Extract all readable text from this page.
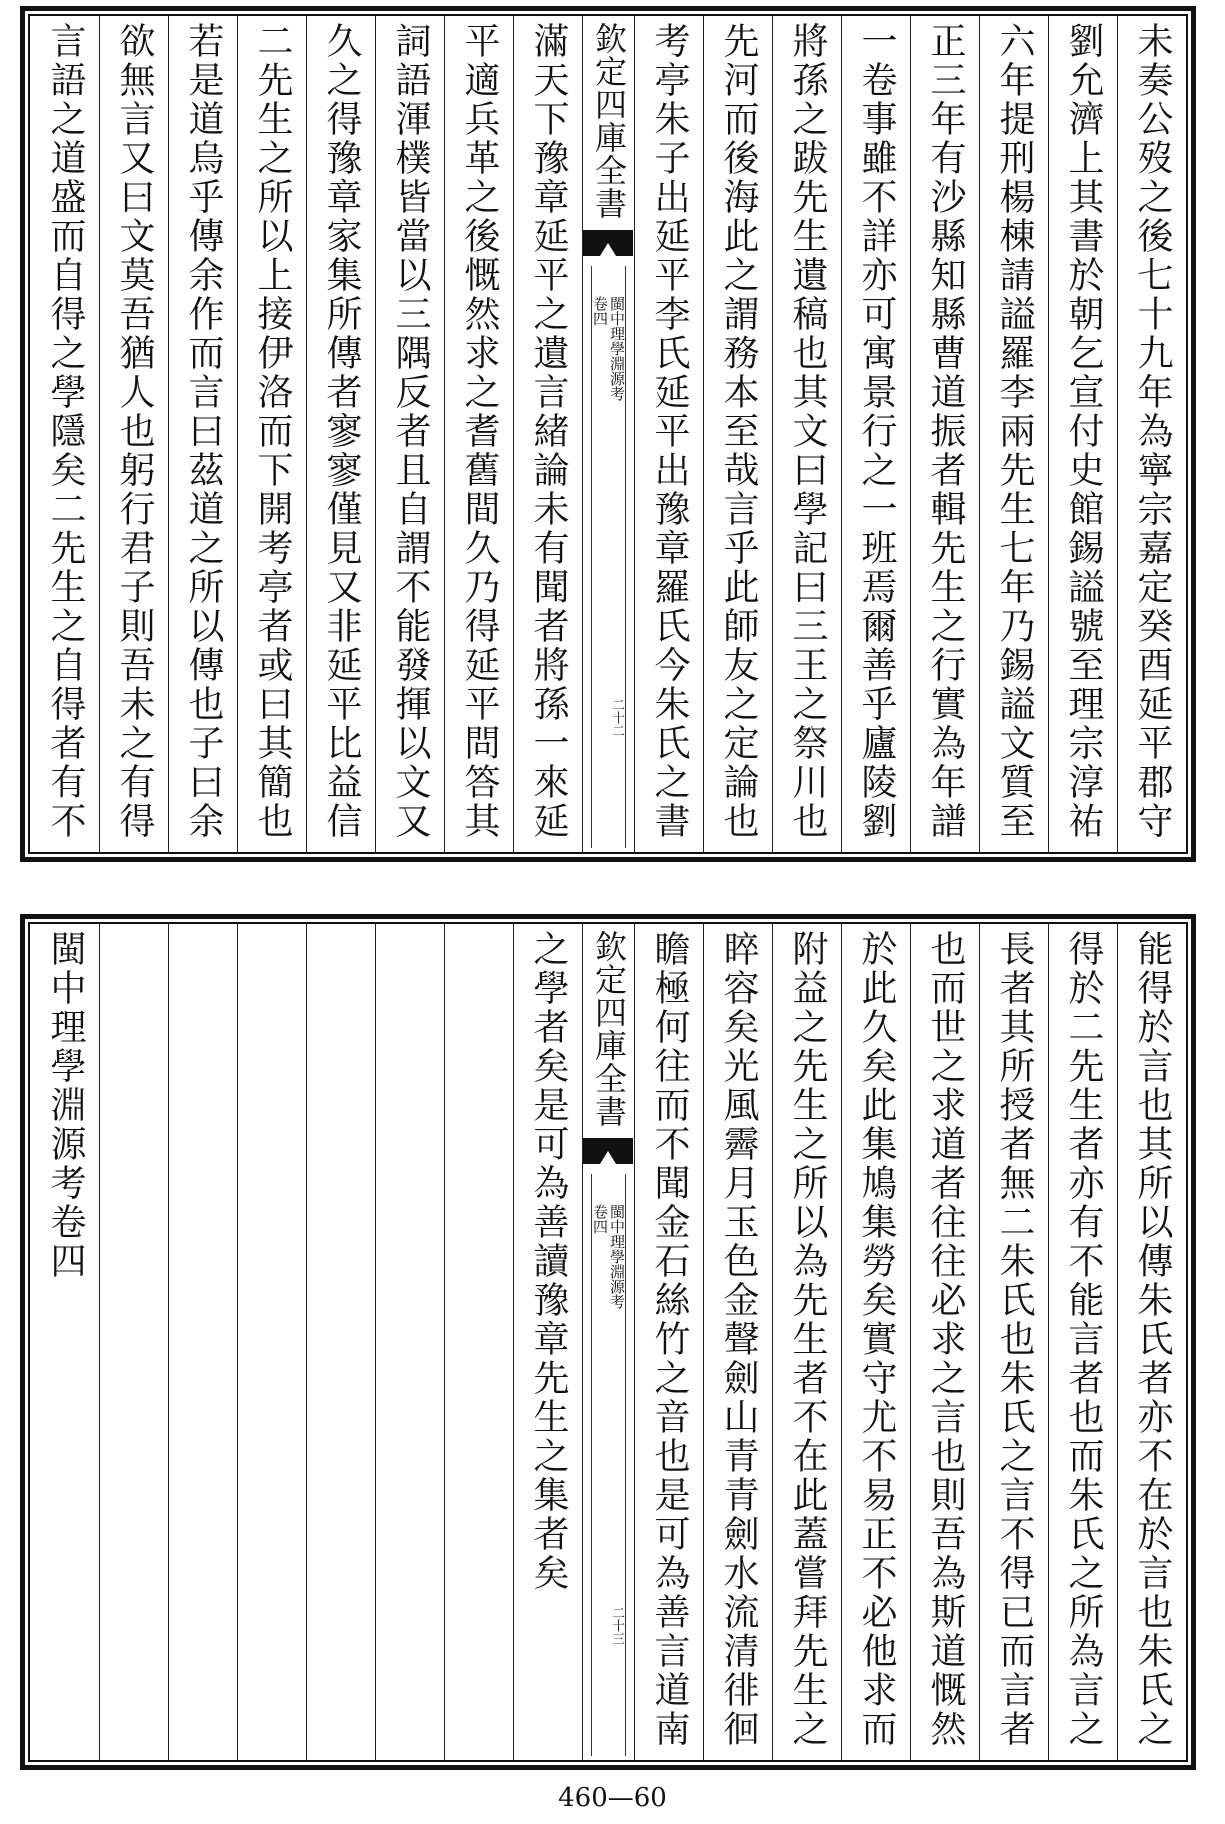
未奏公歿之後七十九年為寧宗嘉定癸酉延平郡守
劉允濟上其書於朝乞宣付史館錫謚號至理宗淳祐
六年提刑楊棟請謚羅李兩先生七年乃錫謚文質至
正三年有沙縣知縣曹道振者輯先生之行實為年譜
一卷事雖不詳亦可寓景行之一班焉爾善乎廬陵劉
將孫之跋先生遺稿也其文曰學記曰三王之祭川也
先河而後海此之謂務本至哉言乎此師友之定論也
考亭朱子出延平李氏延平出豫章羅氏今朱氏之書
欽定四庫全書
閩中理學淵源考
卷四
二十二
滿天下豫章延平之遺言緒論未有聞者將孫一來延
平適兵革之後慨然求之耆舊間久乃得延平問答其
詞語渾樸皆當以三隅反者且自謂不能發揮以文又
久之得豫章家集所傳者寥寥僅見又非延平比益信
二先生之所以上接伊洛而下開考亭者或曰其簡也
若是道烏乎傳余作而言曰茲道之所以傳也子曰余
欲無言又曰文莫吾猶人也躬行君子則吾未之有得
言語之道盛而自得之學隱矣二先生之自得者有不
能得於言也其所以傳朱氏者亦不在於言也朱氏之
得於二先生者亦有不能言者也而朱氏之所為言之
長者其所授者無二朱氏也朱氏之言不得已而言者
也而世之求道者往往必求之言也則吾為斯道慨然
於此久矣此集鳩集勞矣實守尤不易正不必他求而
附益之先生之所以為先生者不在此蓋嘗拜先生之
睟容矣光風霽月玉色金聲劍山青青劍水流清徘徊
瞻極何往而不聞金石絲竹之音也是可為善言道南
欽定四庫全書
閩中理學淵源考
卷四
二十三
之學者矣是可為善讀豫章先生之集者矣
閩中理學淵源考卷四
460—60
